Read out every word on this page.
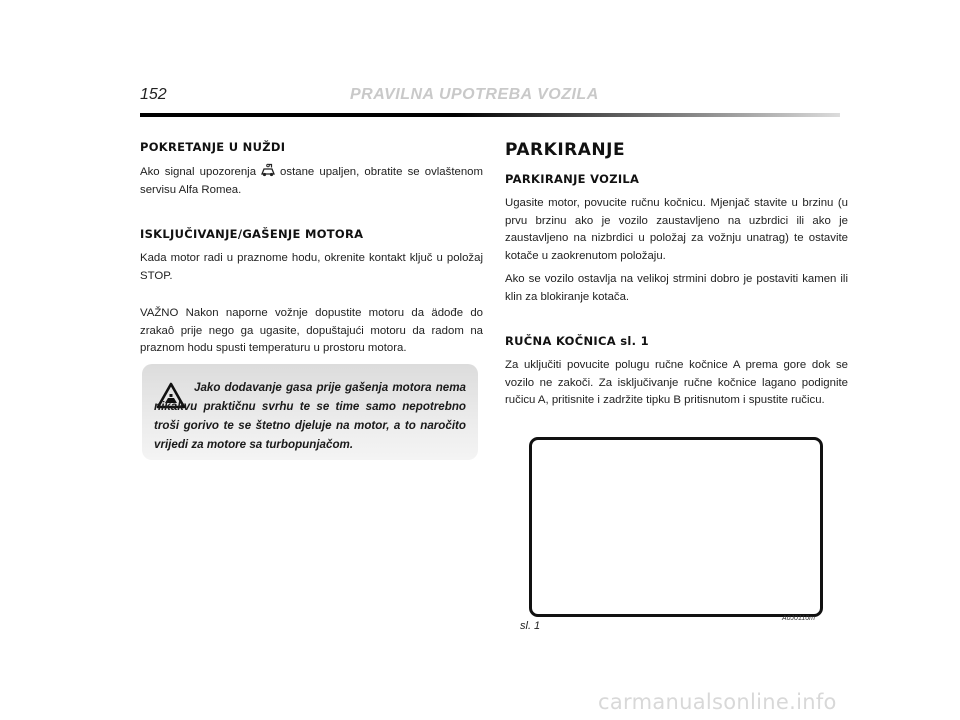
152	PRAVILNA UPOTREBA VOZILA
POKRETANJE U NUŽDI

Ako signal upozorenja ostane upaljen, obratite se ovlaštenom servisu Alfa Romea.

ISKLJUČIVANJE/GAŠENJE MOTORA

Kada motor radi u praznome hodu, okrenite kontakt ključ u položaj STOP.

VAŽNO Nakon naporne vožnje dopustite motoru da ädođe do zrakaô prije nego ga ugasite, dopuštajući motoru da radom na praznom hodu spusti temperaturu u prostoru motora.

Jako dodavanje gasa prije gašenja motora nema nikakvu praktičnu svrhu te se time samo nepotrebno troši gorivo te se štetno djeluje na motor, a to naročito vrijedi za motore sa turbopunjačom.
PARKIRANJE
PARKIRANJE VOZILA

Ugasite motor, povucite ručnu kočnicu. Mjenjač stavite u brzinu (u prvu brzinu ako je vozilo zaustavljeno na uzbrdici ili ako je zaustavljeno na nizbrdici u položaj za vožnju unatrag) te ostavite kotače u zaokrenutom položaju.

Ako se vozilo ostavlja na velikoj strmini dobro je postaviti kamen ili klin za blokiranje kotača.

RUČNA KOČNICA sl. 1

Za uključiti povucite polugu ručne kočnice A prema gore dok se vozilo ne zakoči. Za isključivanje ručne kočnice lagano podignite ručicu A, pritisnite i zadržite tipku B pritisnutom i spustite ručicu.

A0J0110m
sl. 1
carmanualsonline.info
